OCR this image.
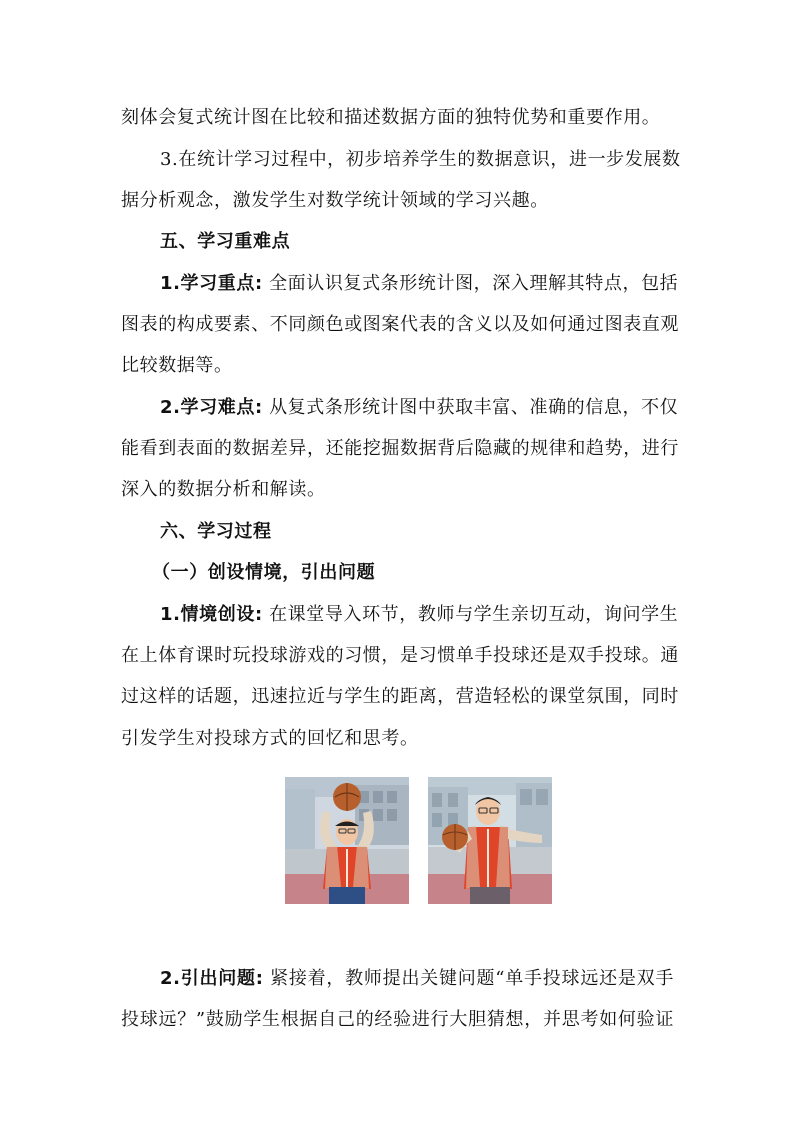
刻体会复式统计图在比较和描述数据方面的独特优势和重要作用。
3.在统计学习过程中，初步培养学生的数据意识，进一步发展数
据分析观念，激发学生对数学统计领域的学习兴趣。
五、学习重难点
1.学习重点: 全面认识复式条形统计图，深入理解其特点，包括
图表的构成要素、不同颜色或图案代表的含义以及如何通过图表直观
比较数据等。
2.学习难点: 从复式条形统计图中获取丰富、准确的信息，不仅
能看到表面的数据差异，还能挖掘数据背后隐藏的规律和趋势，进行
深入的数据分析和解读。
六、学习过程
（一）创设情境，引出问题
1.情境创设: 在课堂导入环节，教师与学生亲切互动，询问学生
在上体育课时玩投球游戏的习惯，是习惯单手投球还是双手投球。通
过这样的话题，迅速拉近与学生的距离，营造轻松的课堂氛围，同时
引发学生对投球方式的回忆和思考。
2.引出问题: 紧接着，教师提出关键问题“单手投球远还是双手
投球远？”鼓励学生根据自己的经验进行大胆猜想，并思考如何验证
